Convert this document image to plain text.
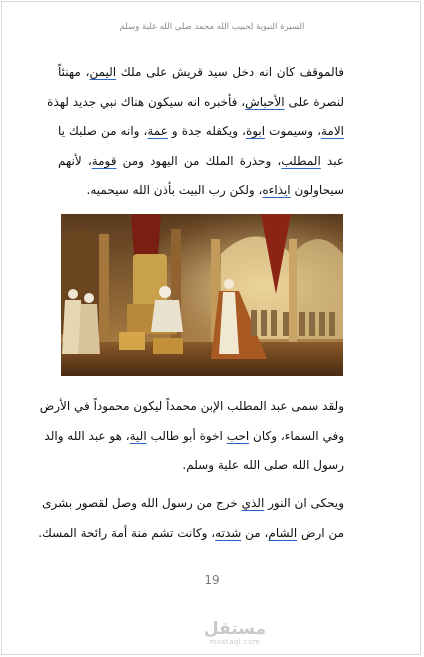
السيرة النبوية لحبيب الله محمد صلى الله علية وسلم
فالموقف كان انه دخل سيد قريش على ملك اليمن، مهنئاً
لنصرة على الأحباش، فأخبره انه سيكون هناك نبي جديد لهذة
الامة، وسيموت ابوة، ويكفله جدة و عمة، وانه من صلبك يا
عبد المطلب، وحذرة الملك من اليهود ومن قومة، لأنهم
سيحاولون ايذاءه، ولكن رب البيت بأذن الله سيحميه.
ولقد سمى عبد المطلب الإبن محمداً ليكون محموداً في الأرض
وفي السماء، وكان احب اخوة أبو طالب الية، هو عبد الله والد
رسول الله صلى الله علية وسلم.
ويحكى ان النور الذي خرج من رسول الله وصل لقصور بشرى
من ارض الشام، من شدته، وكانت تشم منة أمة رائحة المسك.
19
مستقل
mostaql.com
